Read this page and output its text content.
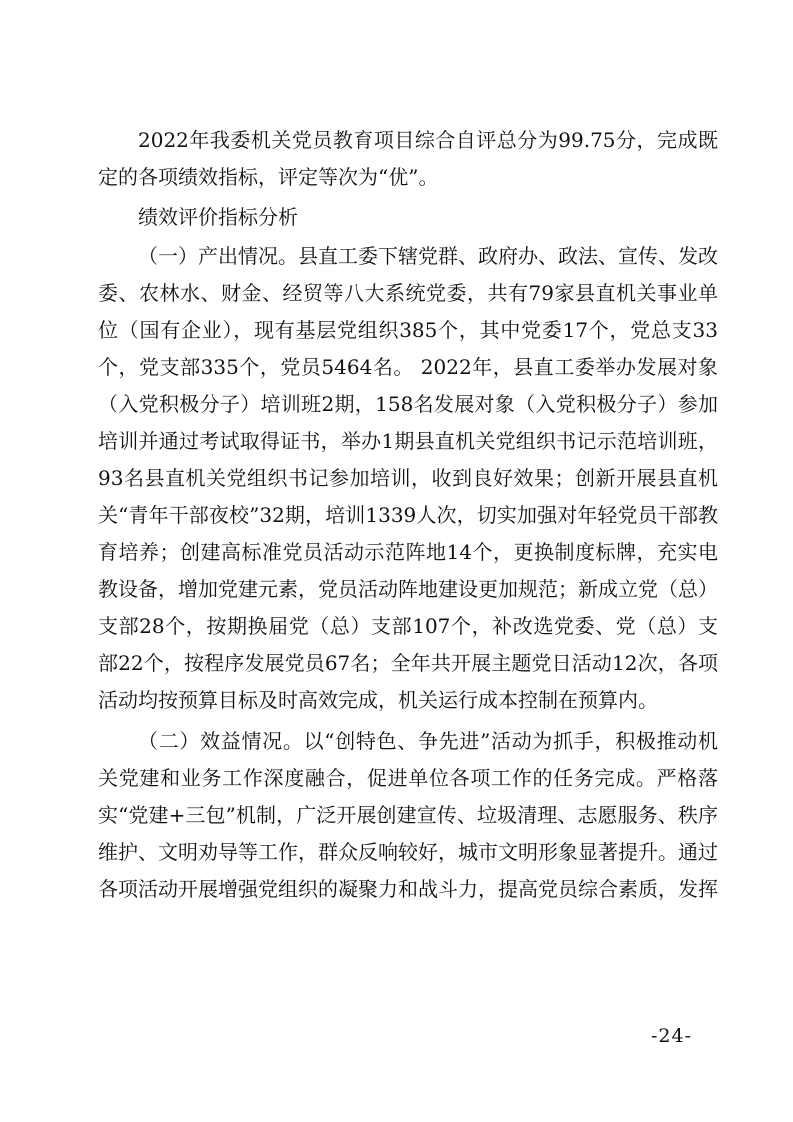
2022年我委机关党员教育项目综合自评总分为99.75分，完成既定的各项绩效指标，评定等次为“优”。

绩效评价指标分析

（一）产出情况。县直工委下辖党群、政府办、政法、宣传、发改委、农林水、财金、经贸等八大系统党委，共有79家县直机关事业单位（国有企业），现有基层党组织385个，其中党委17个，党总支33个，党支部335个，党员5464名。 2022年，县直工委举办发展对象（入党积极分子）培训班2期，158名发展对象（入党积极分子）参加培训并通过考试取得证书，举办1期县直机关党组织书记示范培训班，93名县直机关党组织书记参加培训，收到良好效果；创新开展县直机关“青年干部夜校”32期，培训1339人次，切实加强对年轻党员干部教育培养；创建高标准党员活动示范阵地14个，更换制度标牌，充实电教设备，增加党建元素，党员活动阵地建设更加规范；新成立党（总）支部28个，按期换届党（总）支部107个，补改选党委、党（总）支部22个，按程序发展党员67名；全年共开展主题党日活动12次，各项活动均按预算目标及时高效完成，机关运行成本控制在预算内。

（二）效益情况。以“创特色、争先进”活动为抓手，积极推动机关党建和业务工作深度融合，促进单位各项工作的任务完成。严格落实“党建+三包”机制，广泛开展创建宣传、垃圾清理、志愿服务、秩序维护、文明劝导等工作，群众反响较好，城市文明形象显著提升。通过各项活动开展增强党组织的凝聚力和战斗力，提高党员综合素质，发挥

-24-
